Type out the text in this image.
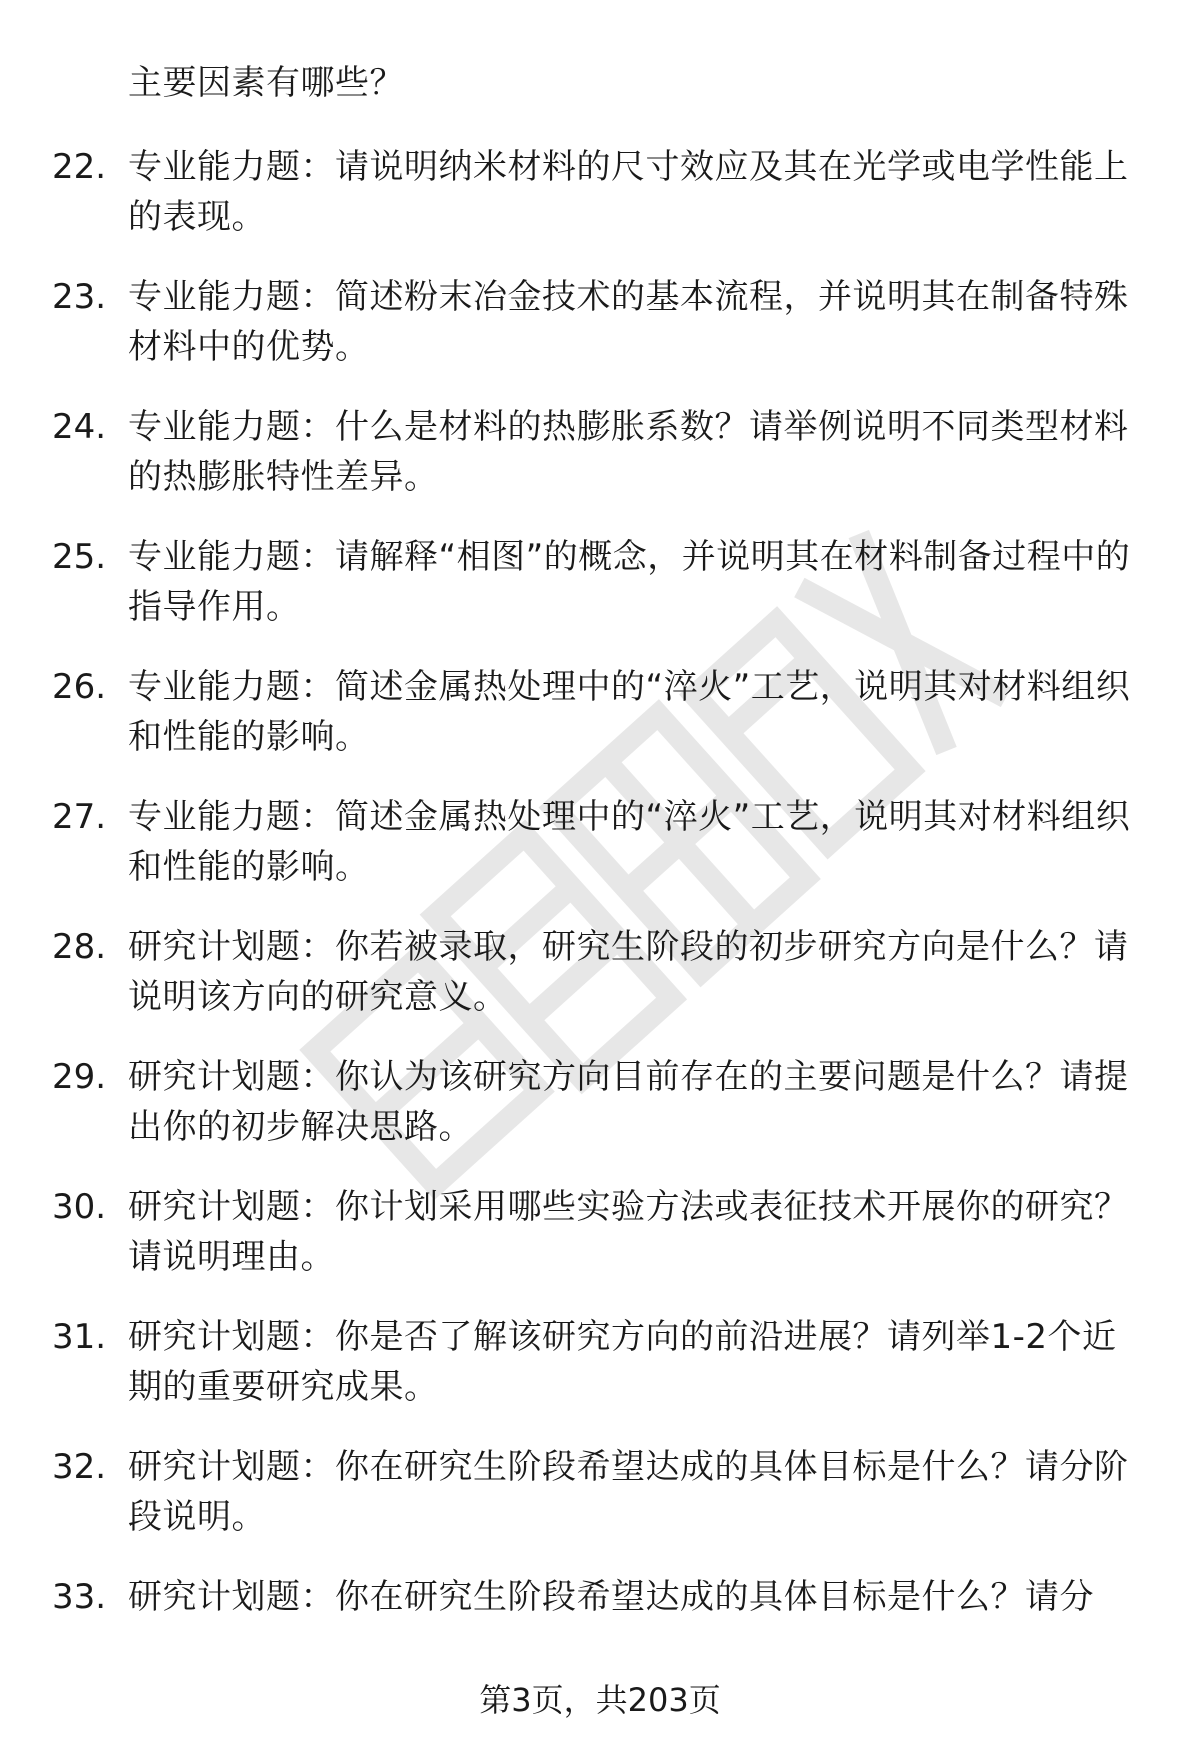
主要因素有哪些？
22. 专业能力题：请说明纳米材料的尺寸效应及其在光学或电学性能上的表现。
23. 专业能力题：简述粉末冶金技术的基本流程，并说明其在制备特殊材料中的优势。
24. 专业能力题：什么是材料的热膨胀系数？请举例说明不同类型材料的热膨胀特性差异。
25. 专业能力题：请解释“相图”的概念，并说明其在材料制备过程中的指导作用。
26. 专业能力题：简述金属热处理中的“淬火”工艺，说明其对材料组织和性能的影响。
27. 专业能力题：简述金属热处理中的“淬火”工艺，说明其对材料组织和性能的影响。
28. 研究计划题：你若被录取，研究生阶段的初步研究方向是什么？请说明该方向的研究意义。
29. 研究计划题：你认为该研究方向目前存在的主要问题是什么？请提出你的初步解决思路。
30. 研究计划题：你计划采用哪些实验方法或表征技术开展你的研究？请说明理由。
31. 研究计划题：你是否了解该研究方向的前沿进展？请列举1-2个近期的重要研究成果。
32. 研究计划题：你在研究生阶段希望达成的具体目标是什么？请分阶段说明。
33. 研究计划题：你在研究生阶段希望达成的具体目标是什么？请分
第3页，共203页
